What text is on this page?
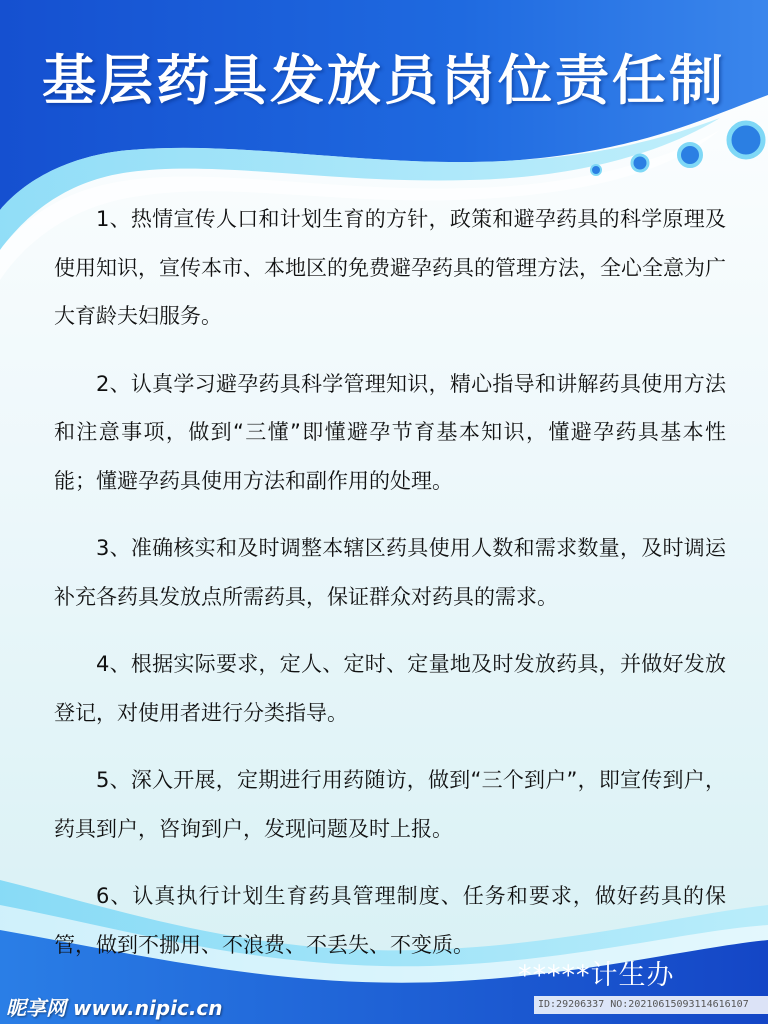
基层药具发放员岗位责任制

1、热情宣传人口和计划生育的方针，政策和避孕药具的科学原理及使用知识，宣传本市、本地区的免费避孕药具的管理方法，全心全意为广大育龄夫妇服务。

2、认真学习避孕药具科学管理知识，精心指导和讲解药具使用方法和注意事项，做到“三懂”即懂避孕节育基本知识，懂避孕药具基本性能；懂避孕药具使用方法和副作用的处理。

3、准确核实和及时调整本辖区药具使用人数和需求数量，及时调运补充各药具发放点所需药具，保证群众对药具的需求。

4、根据实际要求，定人、定时、定量地及时发放药具，并做好发放登记，对使用者进行分类指导。

5、深入开展，定期进行用药随访，做到“三个到户”，即宣传到户，药具到户，咨询到户，发现问题及时上报。

6、认真执行计划生育药具管理制度、任务和要求，做好药具的保管，做到不挪用、不浪费、不丢失、不变质。

*****计生办
昵享网 www.nipic.cn	ID:29206337 NO:20210615093114616107
